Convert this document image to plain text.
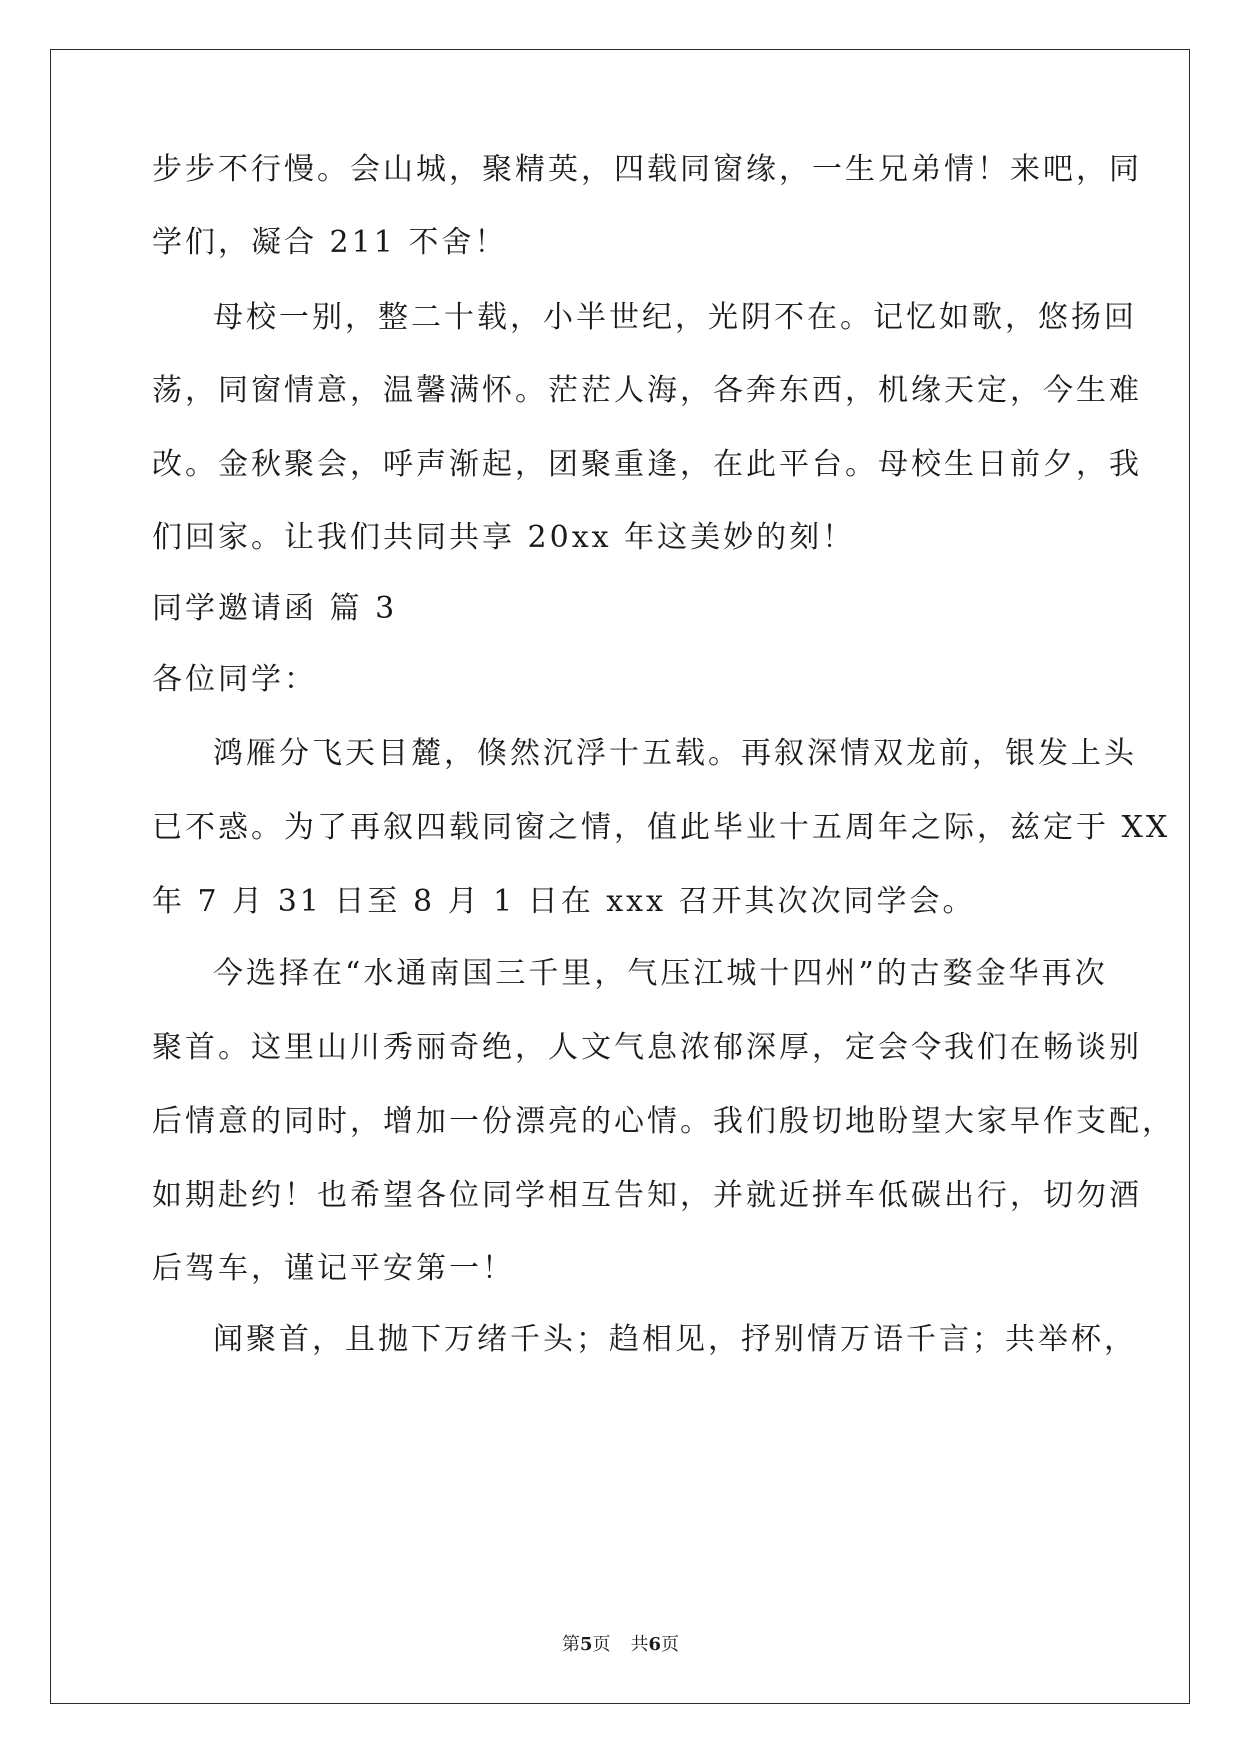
步步不行慢。会山城，聚精英，四载同窗缘，一生兄弟情！来吧，同
学们，凝合 211 不舍！
母校一别，整二十载，小半世纪，光阴不在。记忆如歌，悠扬回
荡，同窗情意，温馨满怀。茫茫人海，各奔东西，机缘天定，今生难
改。金秋聚会，呼声渐起，团聚重逢，在此平台。母校生日前夕，我
们回家。让我们共同共享 20xx 年这美妙的刻！
同学邀请函 篇 3
各位同学：
鸿雁分飞天目麓，倏然沉浮十五载。再叙深情双龙前，银发上头
已不惑。为了再叙四载同窗之情，值此毕业十五周年之际，兹定于 XX
年 7 月 31 日至 8 月 1 日在 xxx 召开其次次同学会。
今选择在“水通南国三千里，气压江城十四州”的古婺金华再次
聚首。这里山川秀丽奇绝，人文气息浓郁深厚，定会令我们在畅谈别
后情意的同时，增加一份漂亮的心情。我们殷切地盼望大家早作支配，
如期赴约！也希望各位同学相互告知，并就近拼车低碳出行，切勿酒
后驾车，谨记平安第一！
闻聚首，且抛下万绪千头；趋相见，抒别情万语千言；共举杯，
第5页 共6页
